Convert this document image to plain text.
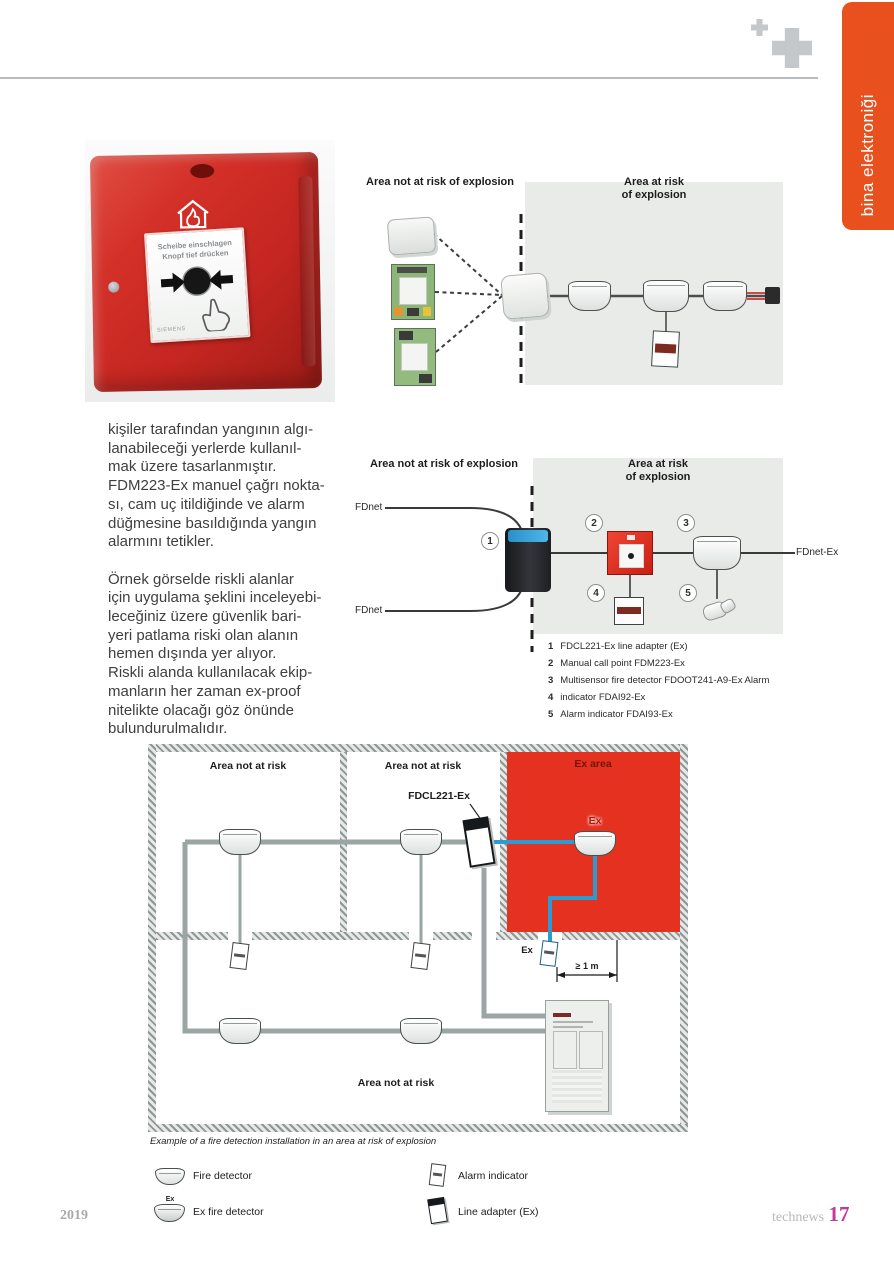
bina elektroniği
Scheibe einschlagen
Knopf tief drücken
SIEMENS
Area not at risk of explosion	Area at risk
of explosion
kişiler tarafından yangının algı-
lanabileceği yerlerde kullanıl-
mak üzere tasarlanmıştır.
FDM223-Ex manuel çağrı nokta-
sı, cam uç itildiğinde ve alarm
düğmesine basıldığında yangın
alarmını tetikler.
Örnek görselde riskli alanlar
için uygulama şeklini inceleyebi-
leceğiniz üzere güvenlik bari-
yeri patlama riski olan alanın
hemen dışında yer alıyor.
Riskli alanda kullanılacak ekip-
manların her zaman ex-proof
nitelikte olacağı göz önünde
bulundurulmalıdır.
Area not at risk of explosion	Area at risk
of explosion
FDnet
FDnet
FDnet-Ex
1
2	3
4	5
1 FDCL221-Ex line adapter (Ex)
2 Manual call point FDM223-Ex
3 Multisensor fire detector FDOOT241-A9-Ex Alarm
4 indicator FDAI92-Ex
5 Alarm indicator FDAI93-Ex
Area not at risk	Area not at risk	Ex area
FDCL221-Ex
Ex
Ex
≥ 1 m
Area not at risk
Example of a fire detection installation in an area at risk of explosion
Fire detector
Ex
Ex fire detector
Alarm indicator
Line adapter (Ex)
2019	technews 17
